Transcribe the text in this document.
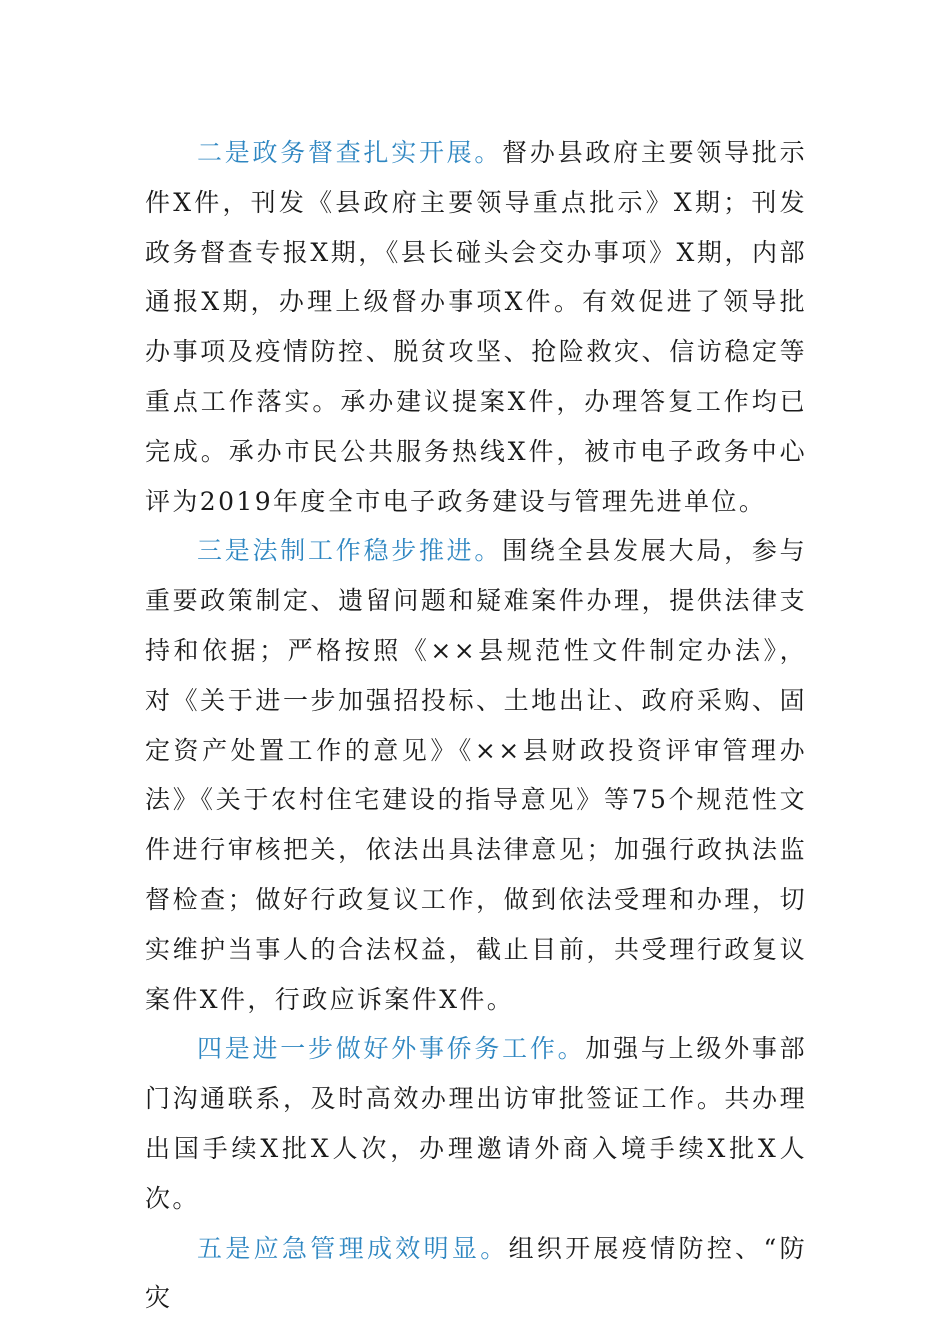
二是政务督查扎实开展。督办县政府主要领导批示件X件，刊发《县政府主要领导重点批示》X期；刊发政务督查专报X期，《县长碰头会交办事项》X期，内部通报X期，办理上级督办事项X件。有效促进了领导批办事项及疫情防控、脱贫攻坚、抢险救灾、信访稳定等重点工作落实。承办建议提案X件，办理答复工作均已完成。承办市民公共服务热线X件，被市电子政务中心评为2019年度全市电子政务建设与管理先进单位。

三是法制工作稳步推进。围绕全县发展大局，参与重要政策制定、遗留问题和疑难案件办理，提供法律支持和依据；严格按照《××县规范性文件制定办法》，对《关于进一步加强招投标、土地出让、政府采购、固定资产处置工作的意见》《××县财政投资评审管理办法》《关于农村住宅建设的指导意见》等75个规范性文件进行审核把关，依法出具法律意见；加强行政执法监督检查；做好行政复议工作，做到依法受理和办理，切实维护当事人的合法权益，截止目前，共受理行政复议案件X件，行政应诉案件X件。

四是进一步做好外事侨务工作。加强与上级外事部门沟通联系，及时高效办理出访审批签证工作。共办理出国手续X批X人次，办理邀请外商入境手续X批X人次。

五是应急管理成效明显。组织开展疫情防控、“防灾
